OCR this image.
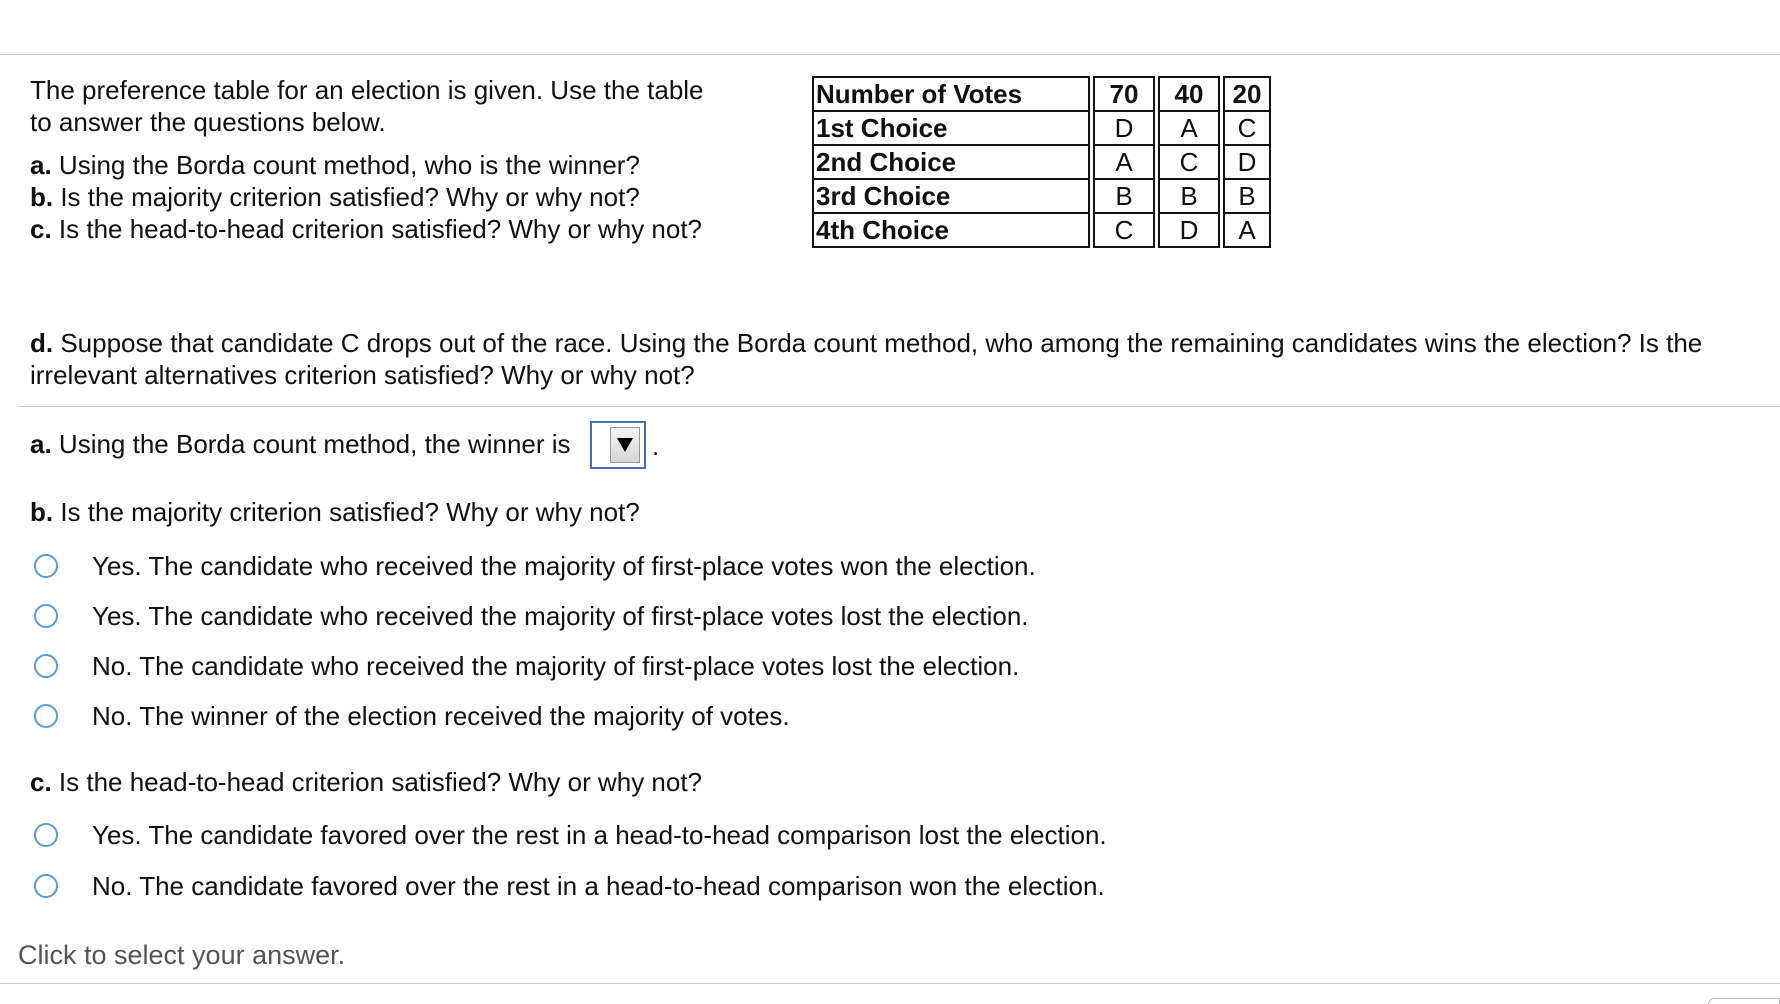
The preference table for an election is given. Use the table
to answer the questions below.
a. Using the Borda count method, who is the winner?
b. Is the majority criterion satisfied? Why or why not?
c. Is the head-to-head criterion satisfied? Why or why not?
Number of Votes		70		40		20
1st Choice		D		A		C
2nd Choice		A		C		D
3rd Choice		B		B		B
4th Choice		C		D		A
d. Suppose that candidate C drops out of the race. Using the Borda count method, who among the remaining candidates wins the election? Is the
irrelevant alternatives criterion satisfied? Why or why not?
a. Using the Borda count method, the winner is	.
b. Is the majority criterion satisfied? Why or why not?
Yes. The candidate who received the majority of first-place votes won the election.
Yes. The candidate who received the majority of first-place votes lost the election.
No. The candidate who received the majority of first-place votes lost the election.
No. The winner of the election received the majority of votes.
c. Is the head-to-head criterion satisfied? Why or why not?
Yes. The candidate favored over the rest in a head-to-head comparison lost the election.
No. The candidate favored over the rest in a head-to-head comparison won the election.
Click to select your answer.
